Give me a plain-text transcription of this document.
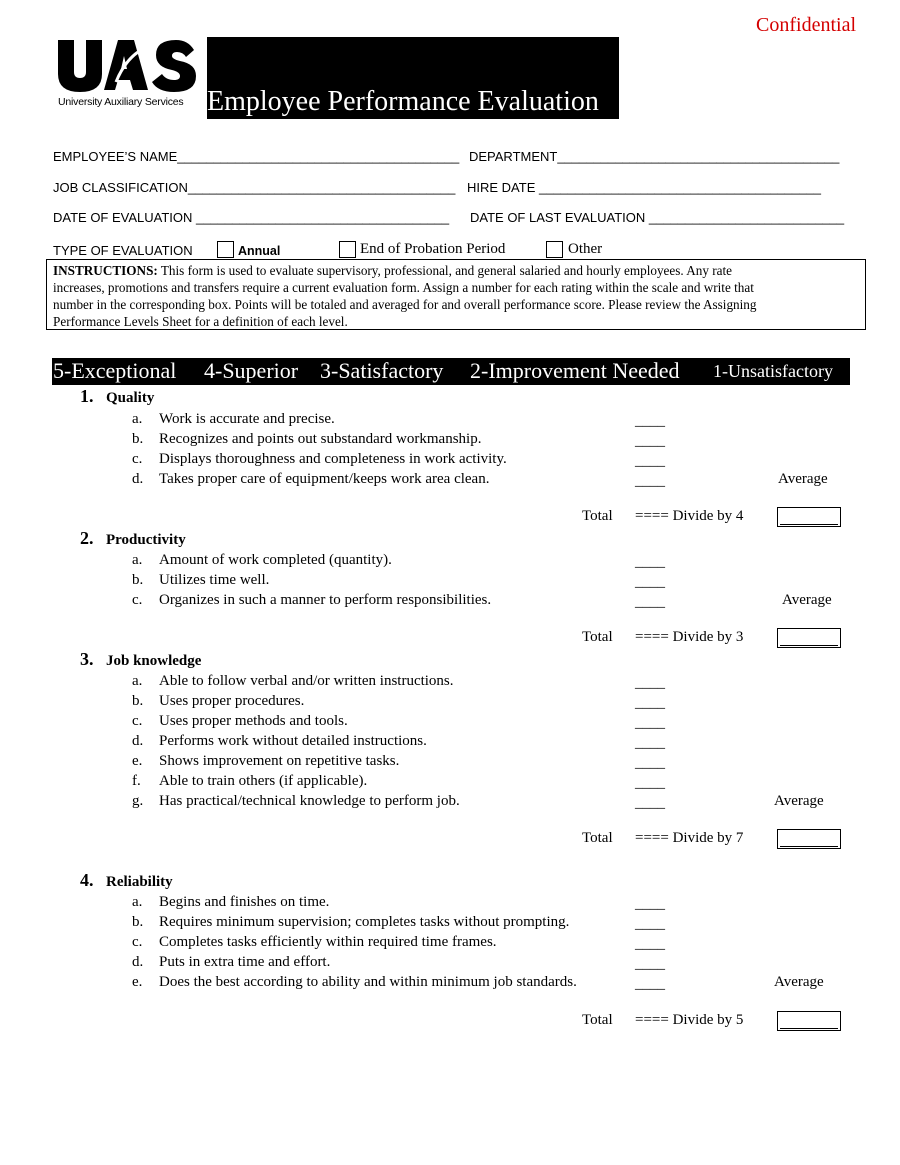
Confidential
University Auxiliary Services Employee Performance Evaluation
EMPLOYEE’S NAME_______________________________________ DEPARTMENT_______________________________________
JOB CLASSIFICATION_____________________________________ HIRE DATE _______________________________________
DATE OF EVALUATION ___________________________________ DATE OF LAST EVALUATION ___________________________
TYPE OF EVALUATION	Annual	End of Probation Period	Other
INSTRUCTIONS: This form is used to evaluate supervisory, professional, and general salaried and hourly employees. Any rate
increases, promotions and transfers require a current evaluation form. Assign a number for each rating within the scale and write that
number in the corresponding box. Points will be totaled and averaged for and overall performance score. Please review the Assigning
Performance Levels Sheet for a definition of each level.
5-Exceptional 4-Superior 3-Satisfactory 2-Improvement Needed 1-Unsatisfactory
1. Quality
a. Work is accurate and precise.	____
b. Recognizes and points out substandard workmanship.	____
c. Displays thoroughness and completeness in work activity.	____
d. Takes proper care of equipment/keeps work area clean.	____	Average
Total ==== Divide by 4
2. Productivity
a. Amount of work completed (quantity).	____
b. Utilizes time well.	____
c. Organizes in such a manner to perform responsibilities.	____	Average
Total ==== Divide by 3
3. Job knowledge
a. Able to follow verbal and/or written instructions.	____
b. Uses proper procedures.	____
c. Uses proper methods and tools.	____
d. Performs work without detailed instructions.	____
e. Shows improvement on repetitive tasks.	____
f. Able to train others (if applicable).	____
g. Has practical/technical knowledge to perform job.	____	Average
Total ==== Divide by 7
4. Reliability
a. Begins and finishes on time.	____
b. Requires minimum supervision; completes tasks without prompting.	____
c. Completes tasks efficiently within required time frames.	____
d. Puts in extra time and effort.	____
e. Does the best according to ability and within minimum job standards.	____	Average
Total ==== Divide by 5
